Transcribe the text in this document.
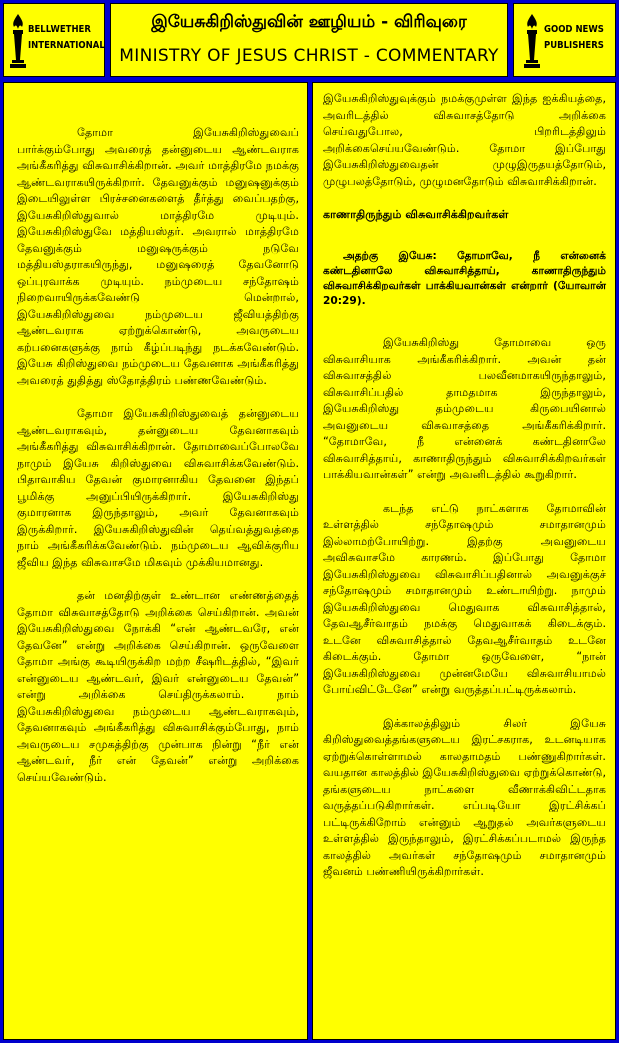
BELLWETHER
INTERNATIONAL
இயேசுகிறிஸ்துவின் ஊழியம் - விரிவுரை
MINISTRY OF JESUS CHRIST - COMMENTARY
GOOD NEWS
PUBLISHERS

தோமா இயேசுகிறிஸ்துவைப் பார்க்கும்போது அவரைத் தன்னுடைய ஆண்டவராக அங்கீகரித்து விசுவாசிக்கிறான். அவர் மாத்திரமே நமக்கு ஆண்டவராகயிருக்கிறார். தேவனுக்கும் மனுஷனுக்கும் இடையிலுள்ள பிரச்சனைகளைத் தீர்த்து வைப்பதற்கு, இயேசுகிறிஸ்துவால் மாத்திரமே முடியும். இயேசுகிறிஸ்துவே மத்தியஸ்தர். அவரால் மாத்திரமே தேவனுக்கும் மனுஷருக்கும் நடுவே மத்தியஸ்தராகயிருந்து, மனுஷரைத் தேவனோடு ஒப்புரவாக்க முடியும். நம்முடைய சந்தோஷம் நிறைவாயிருக்கவேண்டு மென்றால், இயேசுகிறிஸ்துவை நம்முடைய ஜீவியத்திற்கு ஆண்டவராக ஏற்றுக்கொண்டு, அவருடைய கற்பனைகளுக்கு நாம் கீழ்ப்படிந்து நடக்கவேண்டும். இயேசு கிறிஸ்துவை நம்முடைய தேவனாக அங்கீகரித்து அவரைத் துதித்து ஸ்தோத்திரம் பண்ணவேண்டும்.

தோமா இயேசுகிறிஸ்துவைத் தன்னுடைய ஆண்டவராகவும், தன்னுடைய தேவனாகவும் அங்கீகரித்து விசுவாசிக்கிறான். தோமாவைப்போலவே நாமும் இயேசு கிறிஸ்துவை விசுவாசிக்கவேண்டும். பிதாவாகிய தேவன் குமாரனாகிய தேவனை இந்தப் பூமிக்கு அனுப்பியிருக்கிறார். இயேசுகிறிஸ்து குமாரனாக இருந்தாலும், அவர் தேவனாகவும் இருக்கிறார். இயேசுகிறிஸ்துவின் தெய்வத்துவத்தை நாம் அங்கீகரிக்கவேண்டும். நம்முடைய ஆவிக்குரிய ஜீவிய இந்த விசுவாசமே மிகவும் முக்கியமானது.

தன் மனதிற்குள் உண்டான எண்ணத்தைத் தோமா விசுவாசத்தோடு அறிக்கை செய்கிறான். அவன் இயேசுகிறிஸ்துவை நோக்கி “என் ஆண்டவரே, என் தேவனே” என்று அறிக்கை செய்கிறான். ஒருவேளை தோமா அங்கு கூடியிருக்கிற மற்ற சீஷரிடத்தில், “இவர் என்னுடைய ஆண்டவர், இவர் என்னுடைய தேவன்” என்று அறிக்கை செய்திருக்கலாம். நாம் இயேசுகிறிஸ்துவை நம்முடைய ஆண்டவராகவும், தேவனாகவும் அங்கீகரித்து விசுவாசிக்கும்போது, நாம் அவருடைய சமுகத்திற்கு முன்பாக நின்று “நீர் என் ஆண்டவர், நீர் என் தேவன்” என்று அறிக்கை செய்யவேண்டும்.

இயேசுகிறிஸ்துவுக்கும் நமக்குமுள்ள இந்த ஐக்கியத்தை, அவரிடத்தில் விசுவாசத்தோடு அறிக்கை செய்வதுபோல, பிறரிடத்திலும் அறிக்கைசெய்யவேண்டும். தோமா இப்போது இயேசுகிறிஸ்துவைதன் முழுஇருதயத்தோடும், முழுபலத்தோடும், முழுமனதோடும் விசுவாசிக்கிறான்.

காணாதிருந்தும் விசுவாசிக்கிறவர்கள்

அதற்கு இயேசு: தோமாவே, நீ என்னைக் கண்டதினாலே விசுவாசித்தாய், காணாதிருந்தும் விசுவாசிக்கிறவர்கள் பாக்கியவான்கள் என்றார் (யோவான் 20:29).

இயேசுகிறிஸ்து தோமாவை ஒரு விசுவாசியாக அங்கீகரிக்கிறார். அவன் தன் விசுவாசத்தில் பலவீனமாகயிருந்தாலும், விசுவாசிப்பதில் தாமதமாக இருந்தாலும், இயேசுகிறிஸ்து தம்முடைய கிருபையினால் அவனுடைய விசுவாசத்தை அங்கீகரிக்கிறார். “தோமாவே, நீ என்னைக் கண்டதினாலே விசுவாசித்தாய், காணாதிருந்தும் விசுவாசிக்கிறவர்கள் பாக்கியவான்கள்” என்று அவனிடத்தில் கூறுகிறார்.

கடந்த எட்டு நாட்களாக தோமாவின் உள்ளத்தில் சந்தோஷமும் சமாதானமும் இல்லாமற்போயிற்று. இதற்கு அவனுடைய அவிசுவாசமே காரணம். இப்போது தோமா இயேசுகிறிஸ்துவை விசுவாசிப்பதினால் அவனுக்குச் சந்தோஷமும் சமாதானமும் உண்டாயிற்று. நாமும் இயேசுகிறிஸ்துவை மெதுவாக விசுவாசித்தால், தேவஆசீர்வாதம் நமக்கு மெதுவாகக் கிடைக்கும். உடனே விசுவாசித்தால் தேவஆசீர்வாதம் உடனே கிடைக்கும். தோமா ஒருவேளை, “நான் இயேசுகிறிஸ்துவை முன்னமேயே விசுவாசியாமல் போய்விட்டேனே” என்று வருத்தப்பட்டிருக்கலாம்.

இக்காலத்திலும் சிலர் இயேசு கிறிஸ்துவைத்தங்களுடைய இரட்சகராக, உடனடியாக ஏற்றுக்கொள்ளாமல் காலதாமதம் பண்ணுகிறார்கள். வயதான காலத்தில் இயேசுகிறிஸ்துவை ஏற்றுக்கொண்டு, தங்களுடைய நாட்களை வீணாக்கிவிட்டதாக வருத்தப்படுகிறார்கள். எப்படியோ இரட்சிக்கப் பட்டிருக்கிறோம் என்னும் ஆறுதல் அவர்களுடைய உள்ளத்தில் இருந்தாலும், இரட்சிக்கப்படாமல் இருந்த காலத்தில் அவர்கள் சந்தோஷமும் சமாதானமும் ஜீவனம் பண்ணியிருக்கிறார்கள்.
